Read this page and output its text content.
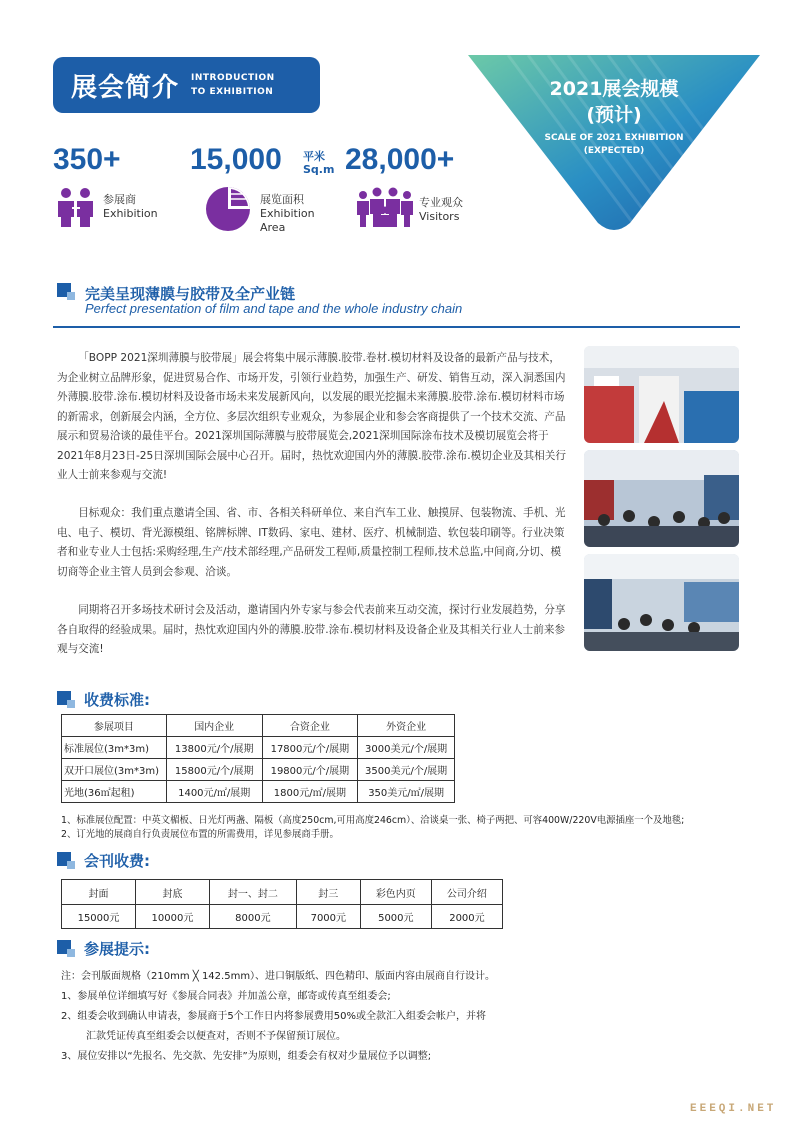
展会简介 INTRODUCTION
TO EXHIBITION	2021展会规模
(预计)
SCALE OF 2021 EXHIBITION
(EXPECTED)
350+ 15,000 平米
Sq.m 28,000+
参展商
Exhibition
展览面积
Exhibition
Area
专业观众
Visitors
完美呈现薄膜与胶带及全产业链
Perfect presentation of film and tape and the whole industry chain

「BOPP 2021深圳薄膜与胶带展」展会将集中展示薄膜.胶带.卷材.模切材料及设备的最新产品与技术，为企业树立品牌形象，促进贸易合作、市场开发，引领行业趋势，加强生产、研发、销售互动，深入洞悉国内外薄膜.胶带.涂布.模切材料及设备市场未来发展新风向，以发展的眼光挖掘未来薄膜.胶带.涂布.模切材料市场的新需求，创新展会内涵，全方位、多层次组织专业观众，为参展企业和参会客商提供了一个技术交流、产品展示和贸易洽谈的最佳平台。2021深圳国际薄膜与胶带展览会,2021深圳国际涂布技术及模切展览会将于2021年8月23日-25日深圳国际会展中心召开。届时，热忱欢迎国内外的薄膜.胶带.涂布.模切企业及其相关行业人士前来参观与交流!

目标观众：我们重点邀请全国、省、市、各相关科研单位、来自汽车工业、触摸屏、包装物流、手机、光电、电子、模切、背光源模组、铭牌标牌、IT数码、家电、建材、医疗、机械制造、软包装印刷等。行业决策者和业专业人士包括:采购经理,生产/技术部经理,产品研发工程师,质量控制工程师,技术总监,中间商,分切、模切商等企业主管人员到会参观、洽谈。

同期将召开多场技术研讨会及活动，邀请国内外专家与参会代表前来互动交流，探讨行业发展趋势，分享各自取得的经验成果。届时，热忱欢迎国内外的薄膜.胶带.涂布.模切材料及设备企业及其相关行业人士前来参观与交流!

收费标准:
参展项目	国内企业	合资企业	外资企业
标准展位(3m*3m)	13800元/个/展期	17800元/个/展期	3000美元/个/展期
双开口展位(3m*3m)	15800元/个/展期	19800元/个/展期	3500美元/个/展期
光地(36㎡起租)	1400元/㎡/展期	1800元/㎡/展期	350美元/㎡/展期
1、标准展位配置：中英文楣板、日光灯两盏、隔板（高度250cm,可用高度246cm）、洽谈桌一张、椅子两把、可容400W/220V电源插座一个及地毯;
2、订光地的展商自行负责展位布置的所需费用，详见参展商手册。
会刊收费:
封面	封底	封一、封二	封三	彩色内页	公司介绍
15000元	10000元	8000元	7000元	5000元	2000元
参展提示:
注：会刊版面规格（210mm ╳ 142.5mm）、进口铜版纸、四色精印、版面内容由展商自行设计。
1、参展单位详细填写好《参展合同表》并加盖公章，邮寄或传真至组委会;
2、组委会收到确认申请表，参展商于5个工作日内将参展费用50%或全款汇入组委会帐户，并将
汇款凭证传真至组委会以便查对，否则不予保留预订展位。
3、展位安排以“先报名、先交款、先安排”为原则，组委会有权对少量展位予以调整;
EEEQI.NET
